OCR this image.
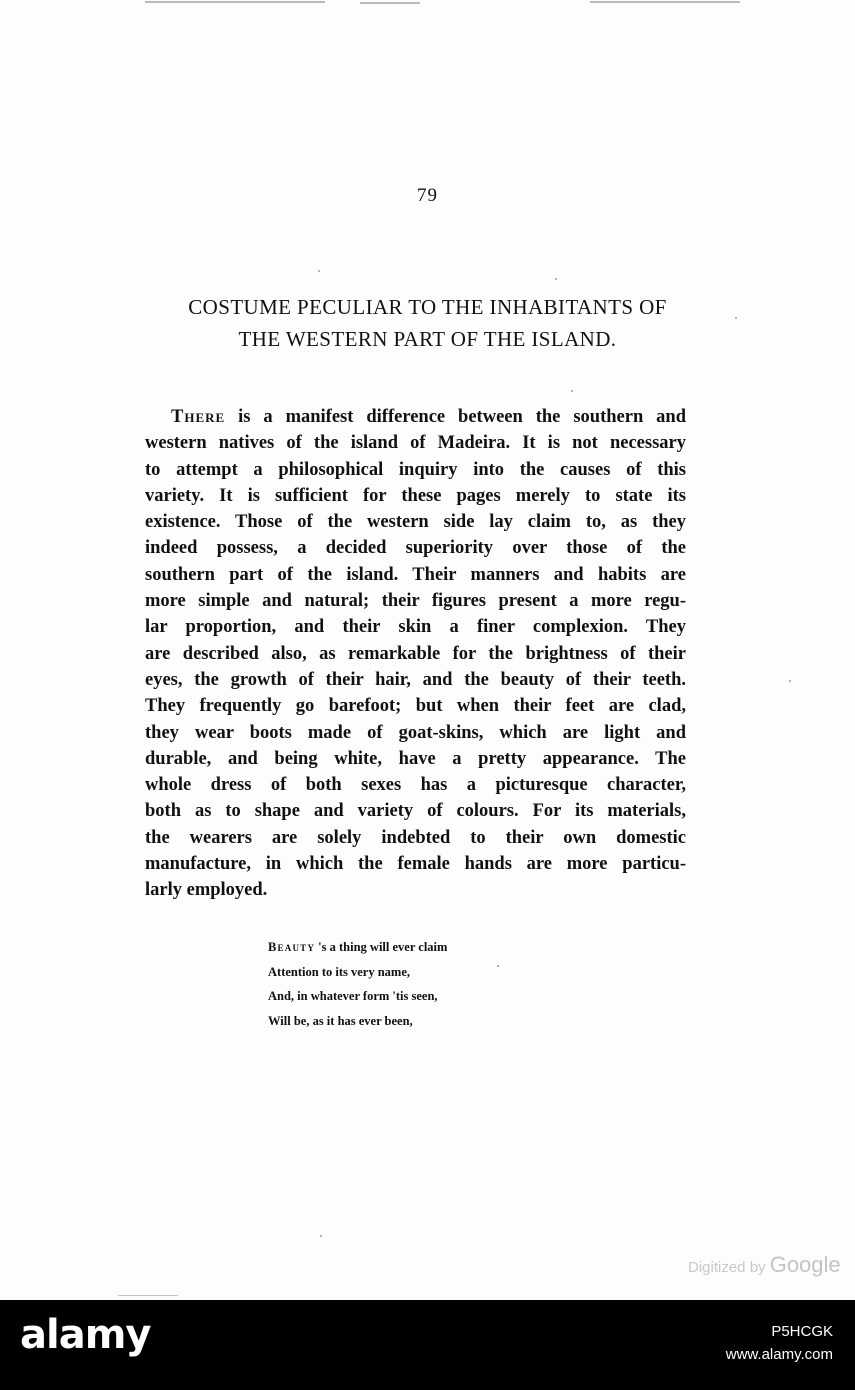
79
COSTUME PECULIAR TO THE INHABITANTS OF
THE WESTERN PART OF THE ISLAND.
There is a manifest difference between the southern and
western natives of the island of Madeira. It is not necessary
to attempt a philosophical inquiry into the causes of this
variety. It is sufficient for these pages merely to state its
existence. Those of the western side lay claim to, as they
indeed possess, a decided superiority over those of the
southern part of the island. Their manners and habits are
more simple and natural; their figures present a more regu-
lar proportion, and their skin a finer complexion. They
are described also, as remarkable for the brightness of their
eyes, the growth of their hair, and the beauty of their teeth.
They frequently go barefoot; but when their feet are clad,
they wear boots made of goat-skins, which are light and
durable, and being white, have a pretty appearance. The
whole dress of both sexes has a picturesque character,
both as to shape and variety of colours. For its materials,
the wearers are solely indebted to their own domestic
manufacture, in which the female hands are more particu-
larly employed.
Beauty 's a thing will ever claim
Attention to its very name,
And, in whatever form 'tis seen,
Will be, as it has ever been,
Digitized by Google
alamy	P5HCGK
www.alamy.com
